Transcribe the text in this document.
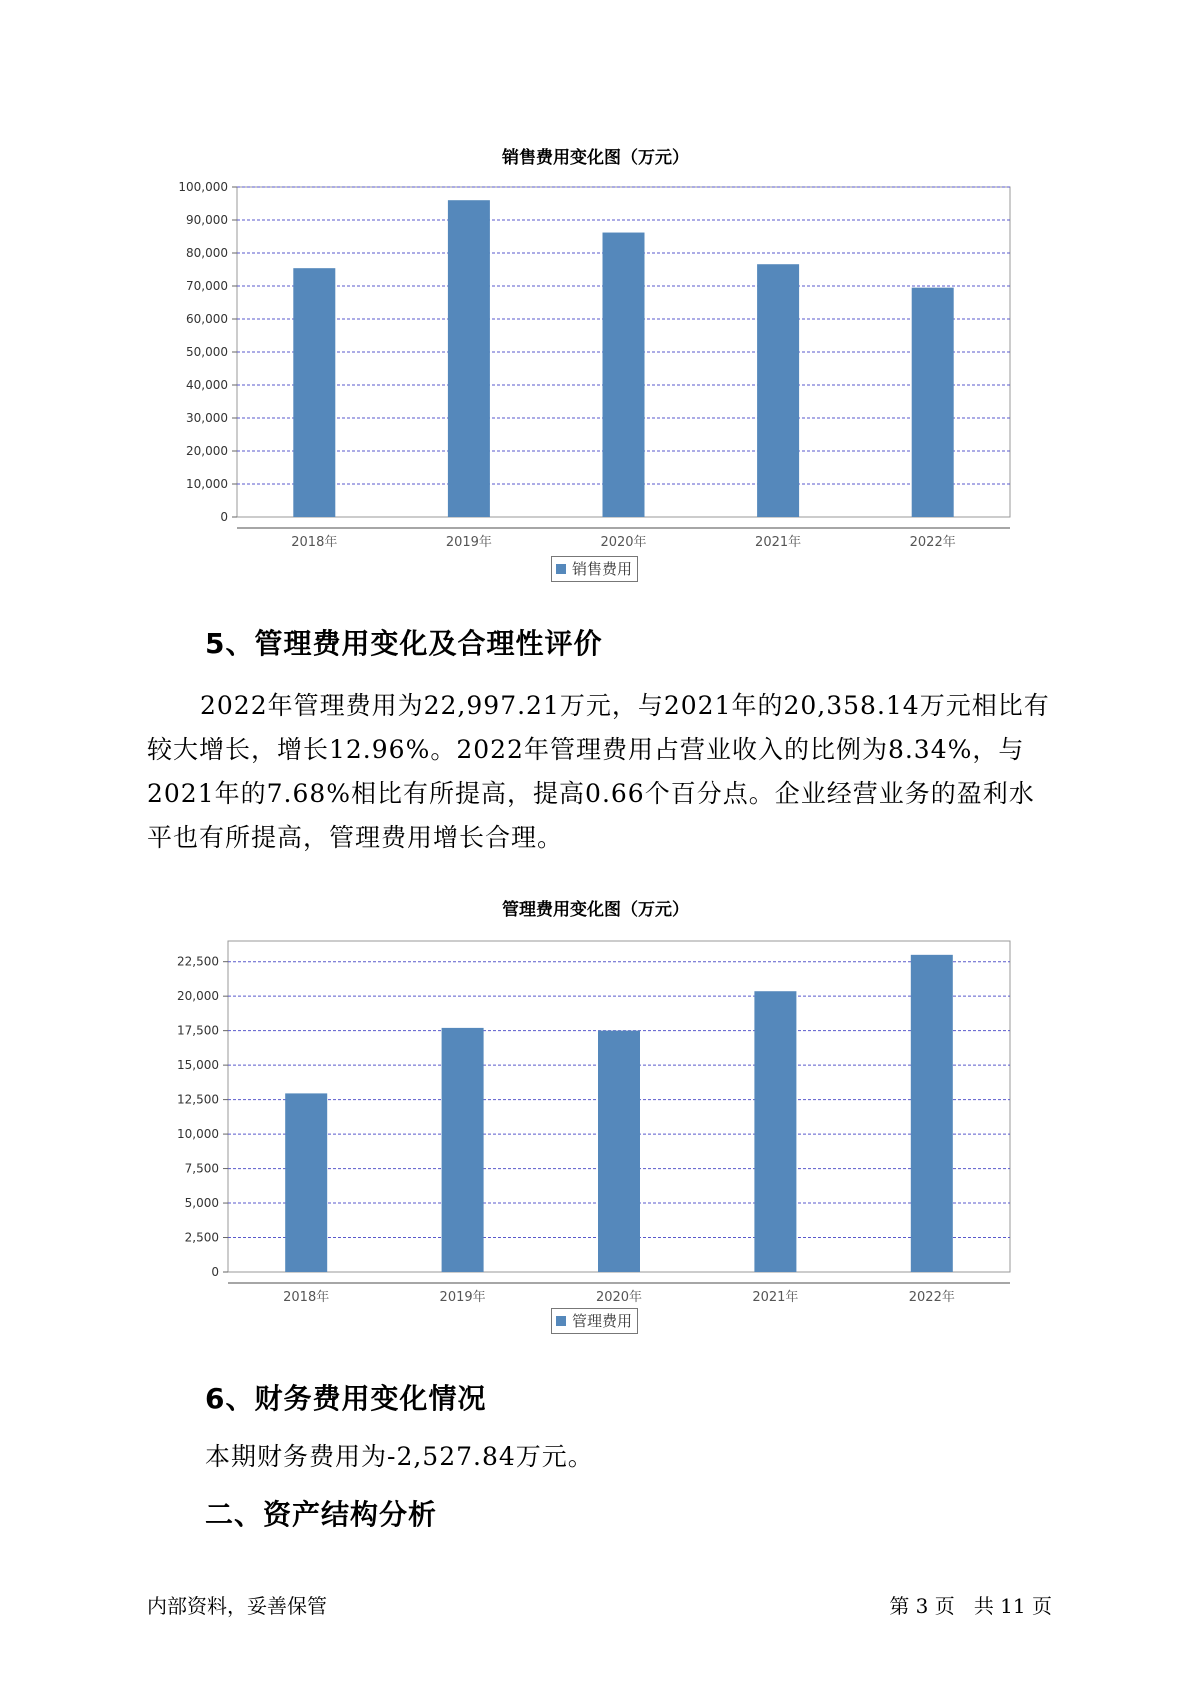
销售费用变化图（万元）
0
10,000
20,000
30,000
40,000
50,000
60,000
70,000
80,000
90,000
100,000
2018年	2019年	2020年	2021年	2022年
销售费用
5、管理费用变化及合理性评价
2022年管理费用为22,997.21万元，与2021年的20,358.14万元相比有较大增长，增长12.96%。2022年管理费用占营业收入的比例为8.34%，与2021年的7.68%相比有所提高，提高0.66个百分点。企业经营业务的盈利水平也有所提高，管理费用增长合理。
管理费用变化图（万元）
0
2,500
5,000
7,500
10,000
12,500
15,000
17,500
20,000
22,500
2018年	2019年	2020年	2021年	2022年
管理费用
6、财务费用变化情况
本期财务费用为-2,527.84万元。
二、资产结构分析
内部资料，妥善保管	第 3 页   共 11 页
